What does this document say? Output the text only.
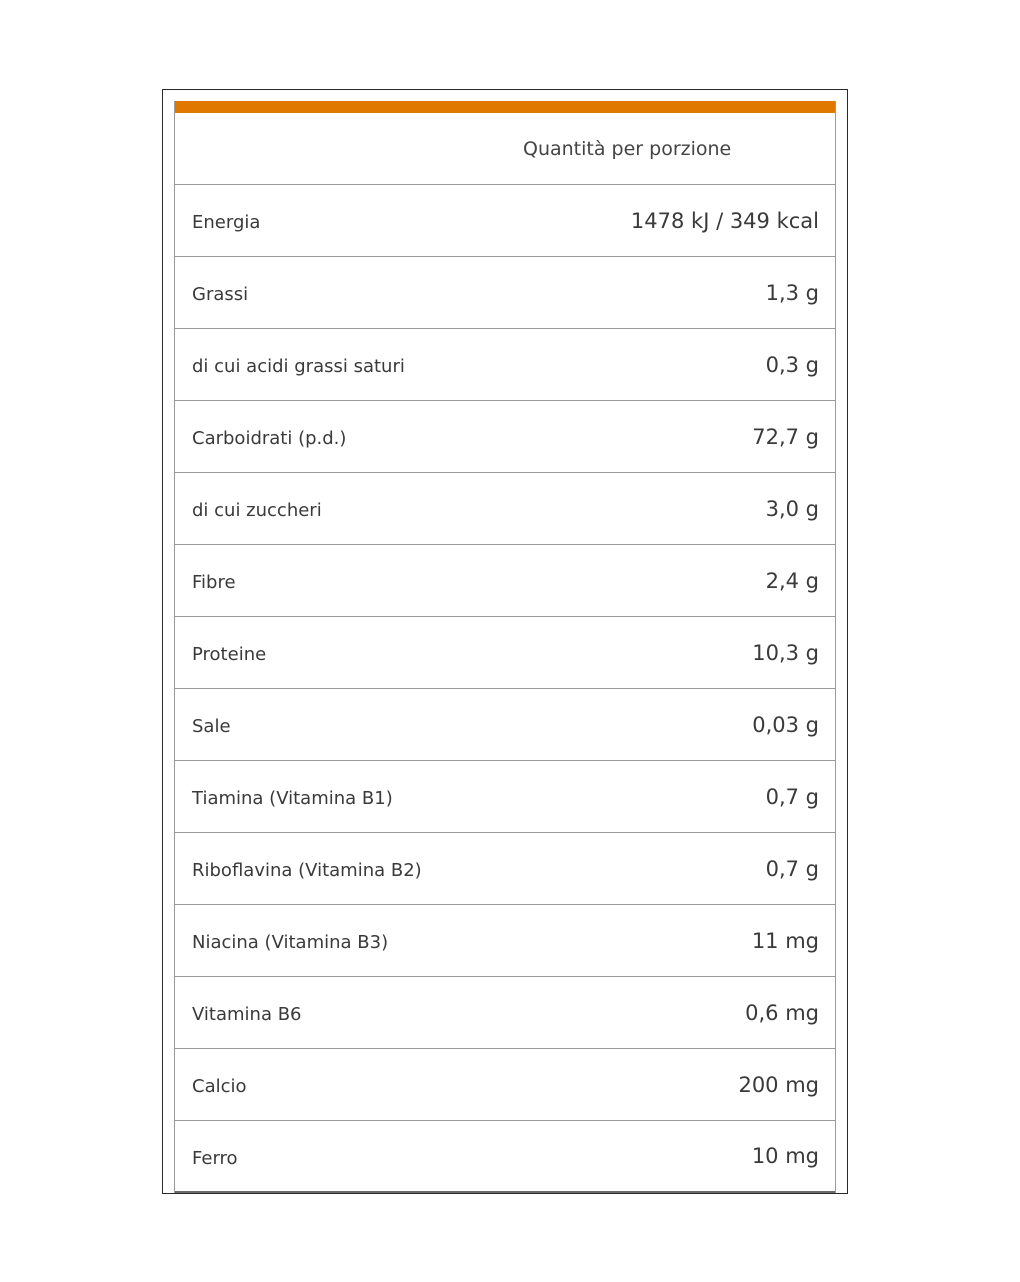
Quantità per porzione
Energia	1478 kJ / 349 kcal
Grassi	1,3 g
di cui acidi grassi saturi	0,3 g
Carboidrati (p.d.)	72,7 g
di cui zuccheri	3,0 g
Fibre	2,4 g
Proteine	10,3 g
Sale	0,03 g
Tiamina (Vitamina B1)	0,7 g
Riboflavina (Vitamina B2)	0,7 g
Niacina (Vitamina B3)	11 mg
Vitamina B6	0,6 mg
Calcio	200 mg
Ferro	10 mg
